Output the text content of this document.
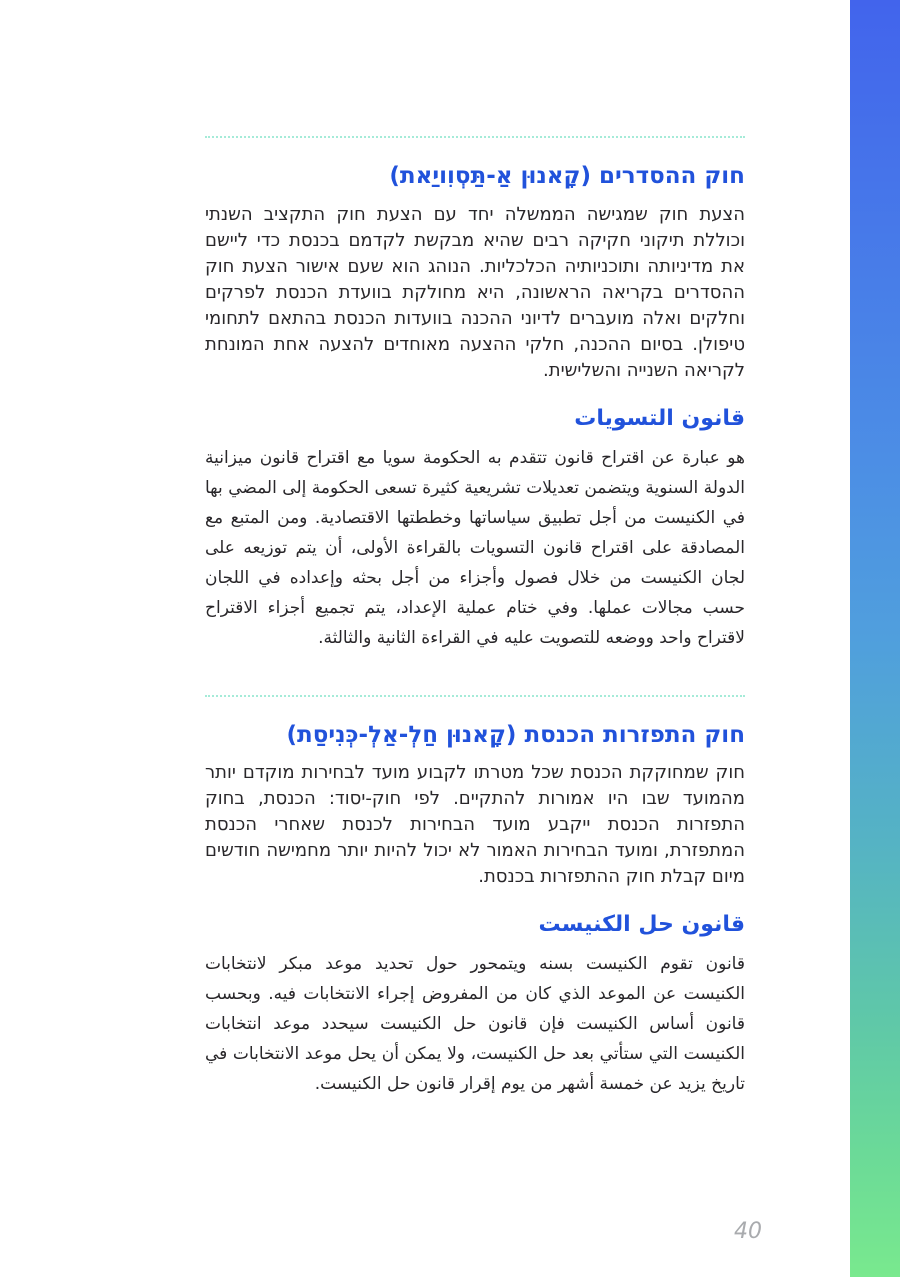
חוק ההסדרים (קָאנוּן אַ-תַּסְוִויַאת)

הצעת חוק שמגישה הממשלה יחד עם הצעת חוק התקציב השנתי וכוללת תיקוני חקיקה רבים שהיא מבקשת לקדמם בכנסת כדי ליישם את מדיניותה ותוכניותיה הכלכליות. הנוהג הוא שעם אישור הצעת חוק ההסדרים בקריאה הראשונה, היא מחולקת בוועדת הכנסת לפרקים וחלקים ואלה מועברים לדיוני ההכנה בוועדות הכנסת בהתאם לתחומי טיפולן. בסיום ההכנה, חלקי ההצעה מאוחדים להצעה אחת המונחת לקריאה השנייה והשלישית.

قانون التسويات

هو عبارة عن اقتراح قانون تتقدم به الحكومة سويا مع اقتراح قانون ميزانية الدولة السنوية ويتضمن تعديلات تشريعية كثيرة تسعى الحكومة إلى المضي بها في الكنيست من أجل تطبيق سياساتها وخططتها الاقتصادية. ومن المتبع مع المصادقة على اقتراح قانون التسويات بالقراءة الأولى، أن يتم توزيعه على لجان الكنيست من خلال فصول وأجزاء من أجل بحثه وإعداده في اللجان حسب مجالات عملها. وفي ختام عملية الإعداد، يتم تجميع أجزاء الاقتراح لاقتراح واحد ووضعه للتصويت عليه في القراءة الثانية والثالثة.

חוק התפזרות הכנסת (קָאנוּן חַלְ-אַלְ-כְּנִיסַת)

חוק שמחוקקת הכנסת שכל מטרתו לקבוע מועד לבחירות מוקדם יותר מהמועד שבו היו אמורות להתקיים. לפי חוק-יסוד: הכנסת, בחוק התפזרות הכנסת ייקבע מועד הבחירות לכנסת שאחרי הכנסת המתפזרת, ומועד הבחירות האמור לא יכול להיות יותר מחמישה חודשים מיום קבלת חוק ההתפזרות בכנסת.

قانون حل الكنيست

قانون تقوم الكنيست بسنه ويتمحور حول تحديد موعد مبكر لانتخابات الكنيست عن الموعد الذي كان من المفروض إجراء الانتخابات فيه. وبحسب قانون أساس الكنيست فإن قانون حل الكنيست سيحدد موعد انتخابات الكنيست التي ستأتي بعد حل الكنيست، ولا يمكن أن يحل موعد الانتخابات في تاريخ يزيد عن خمسة أشهر من يوم إقرار قانون حل الكنيست.

40
